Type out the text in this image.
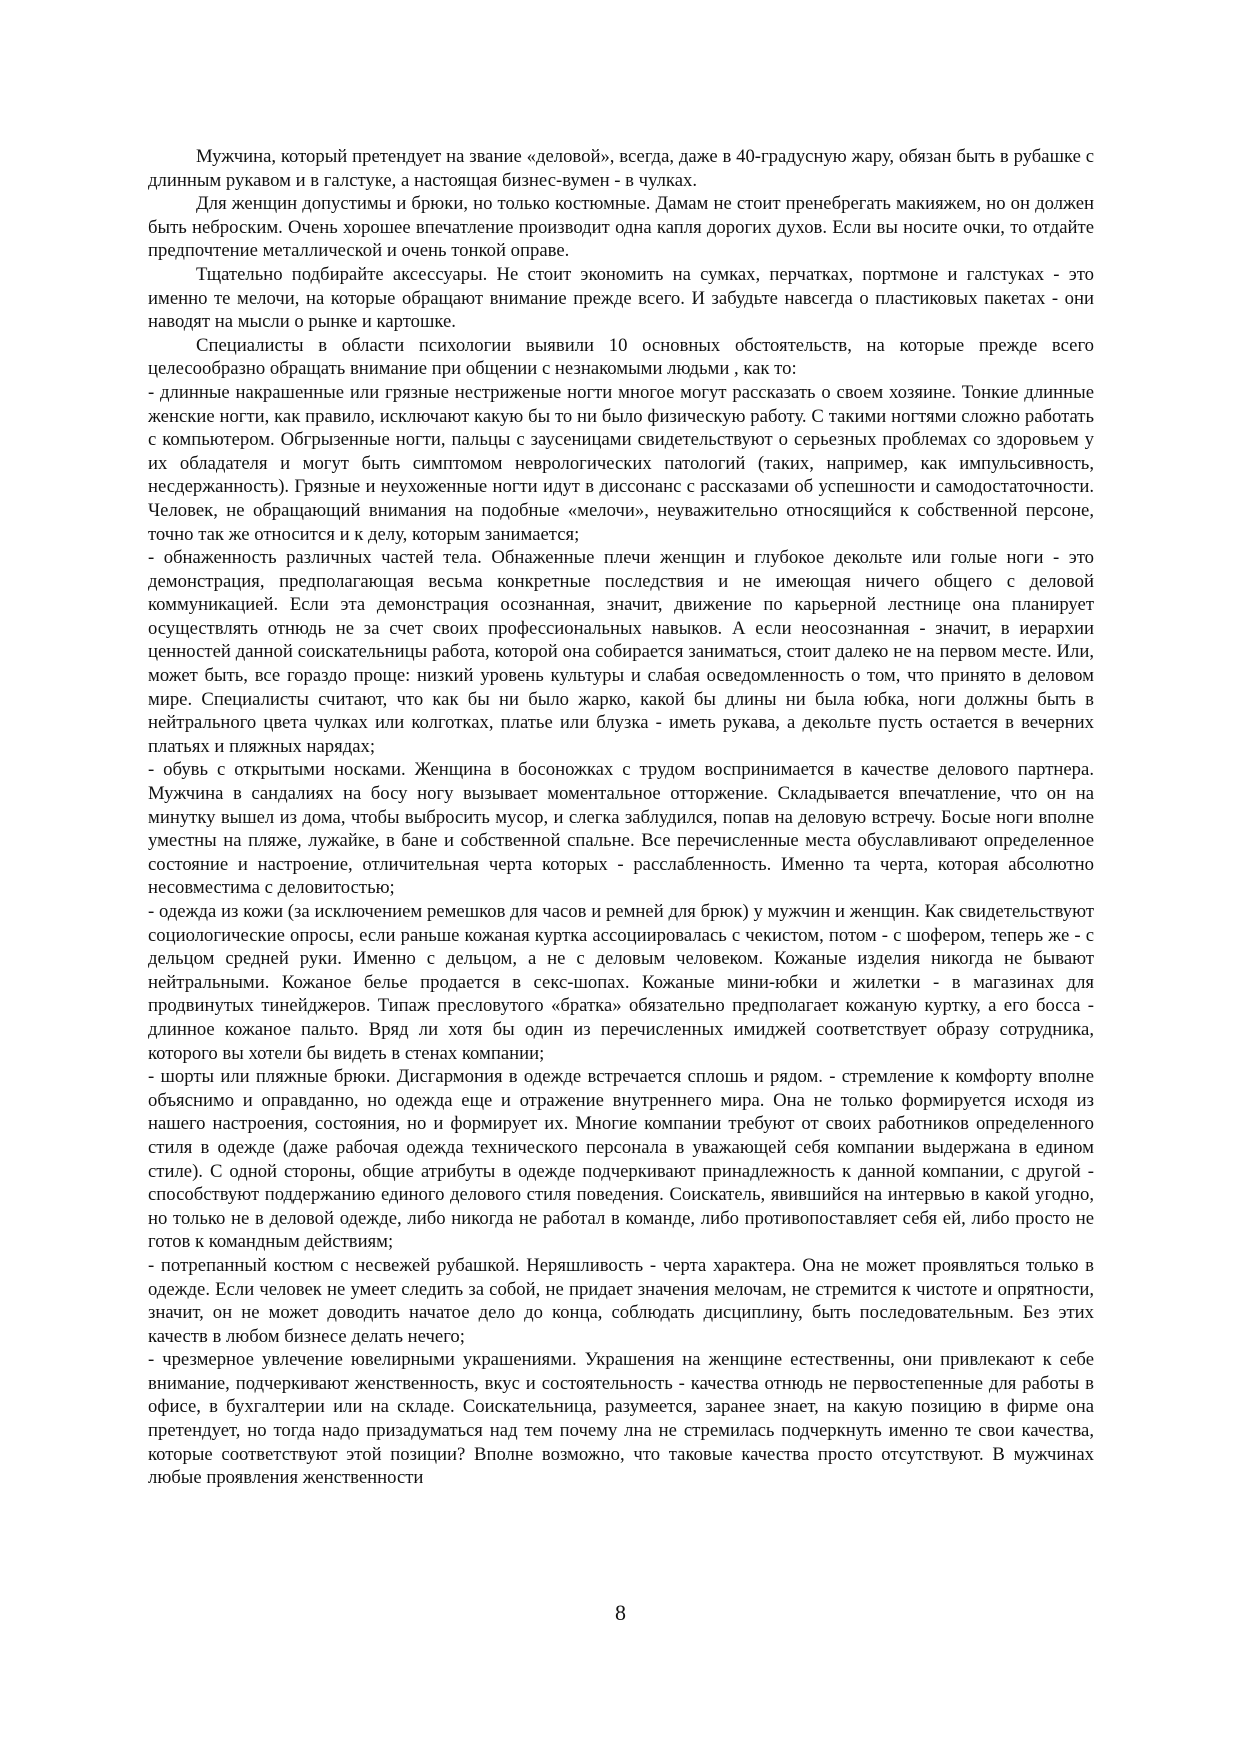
Мужчина, который претендует на звание «деловой», всегда, даже в 40-градусную жару, обязан быть в рубашке с длинным рукавом и в галстуке, а настоящая бизнес-вумен - в чулках.

Для женщин допустимы и брюки, но только костюмные. Дамам не стоит пренебрегать макияжем, но он должен быть неброским. Очень хорошее впечатление производит одна капля дорогих духов. Если вы носите очки, то отдайте предпочтение металлической и очень тонкой оправе.

Тщательно подбирайте аксессуары. Не стоит экономить на сумках, перчатках, портмоне и галстуках - это именно те мелочи, на которые обращают внимание прежде всего. И забудьте навсегда о пластиковых пакетах - они наводят на мысли о рынке и картошке.

Специалисты в области психологии выявили 10 основных обстоятельств, на которые прежде всего целесообразно обращать внимание при общении с незнакомыми людьми , как то:

- длинные накрашенные или грязные нестриженые ногти многое могут рассказать о своем хозяине. Тонкие длинные женские ногти, как правило, исключают какую бы то ни было физическую работу. С такими ногтями сложно работать с компьютером. Обгрызенные ногти, пальцы с заусеницами свидетельствуют о серьезных проблемах со здоровьем у их обладателя и могут быть симптомом неврологических патологий (таких, например, как импульсивность, несдержанность). Грязные и неухоженные ногти идут в диссонанс с рассказами об успешности и самодостаточности. Человек, не обращающий внимания на подобные «мелочи», неуважительно относящийся к собственной персоне, точно так же относится и к делу, которым занимается;

- обнаженность различных частей тела. Обнаженные плечи женщин и глубокое декольте или голые ноги - это демонстрация, предполагающая весьма конкретные последствия и не имеющая ничего общего с деловой коммуникацией. Если эта демонстрация осознанная, значит, движение по карьерной лестнице она планирует осуществлять отнюдь не за счет своих профессиональных навыков. А если неосознанная - значит, в иерархии ценностей данной соискательницы работа, которой она собирается заниматься, стоит далеко не на первом месте. Или, может быть, все гораздо проще: низкий уровень культуры и слабая осведомленность о том, что принято в деловом мире. Специалисты считают, что как бы ни было жарко, какой бы длины ни была юбка, ноги должны быть в нейтрального цвета чулках или колготках, платье или блузка - иметь рукава, а декольте пусть остается в вечерних платьях и пляжных нарядах;

- обувь с открытыми носками. Женщина в босоножках с трудом воспринимается в качестве делового партнера. Мужчина в сандалиях на босу ногу вызывает моментальное отторжение. Складывается впечатление, что он на минутку вышел из дома, чтобы выбросить мусор, и слегка заблудился, попав на деловую встречу. Босые ноги вполне уместны на пляже, лужайке, в бане и собственной спальне. Все перечисленные места обуславливают определенное состояние и настроение, отличительная черта которых - расслабленность. Именно та черта, которая абсолютно несовместима с деловитостью;

- одежда из кожи (за исключением ремешков для часов и ремней для брюк) у мужчин и женщин. Как свидетельствуют социологические опросы, если раньше кожаная куртка ассоциировалась с чекистом, потом - с шофером, теперь же - с дельцом средней руки. Именно с дельцом, а не с деловым человеком. Кожаные изделия никогда не бывают нейтральными. Кожаное белье продается в секс-шопах. Кожаные мини-юбки и жилетки - в магазинах для продвинутых тинейджеров. Типаж пресловутого «братка» обязательно предполагает кожаную куртку, а его босса - длинное кожаное пальто. Вряд ли хотя бы один из перечисленных имиджей соответствует образу сотрудника, которого вы хотели бы видеть в стенах компании;

- шорты или пляжные брюки. Дисгармония в одежде встречается сплошь и рядом. - стремление к комфорту вполне объяснимо и оправданно, но одежда еще и отражение внутреннего мира. Она не только формируется исходя из нашего настроения, состояния, но и формирует их. Многие компании требуют от своих работников определенного стиля в одежде (даже рабочая одежда технического персонала в уважающей себя компании выдержана в едином стиле). С одной стороны, общие атрибуты в одежде подчеркивают принадлежность к данной компании, с другой - способствуют поддержанию единого делового стиля поведения. Соискатель, явившийся на интервью в какой угодно, но только не в деловой одежде, либо никогда не работал в команде, либо противопоставляет себя ей, либо просто не готов к командным действиям;

- потрепанный костюм с несвежей рубашкой. Неряшливость - черта характера. Она не может проявляться только в одежде. Если человек не умеет следить за собой, не придает значения мелочам, не стремится к чистоте и опрятности, значит, он не может доводить начатое дело до конца, соблюдать дисциплину, быть последовательным. Без этих качеств в любом бизнесе делать нечего;

- чрезмерное увлечение ювелирными украшениями. Украшения на женщине естественны, они привлекают к себе внимание, подчеркивают женственность, вкус и состоятельность - качества отнюдь не первостепенные для работы в офисе, в бухгалтерии или на складе. Соискательница, разумеется, заранее знает, на какую позицию в фирме она претендует, но тогда надо призадуматься над тем почему лна не стремилась подчеркнуть именно те свои качества, которые соответствуют этой позиции? Вполне возможно, что таковые качества просто отсутствуют. В мужчинах любые проявления женственности

8
